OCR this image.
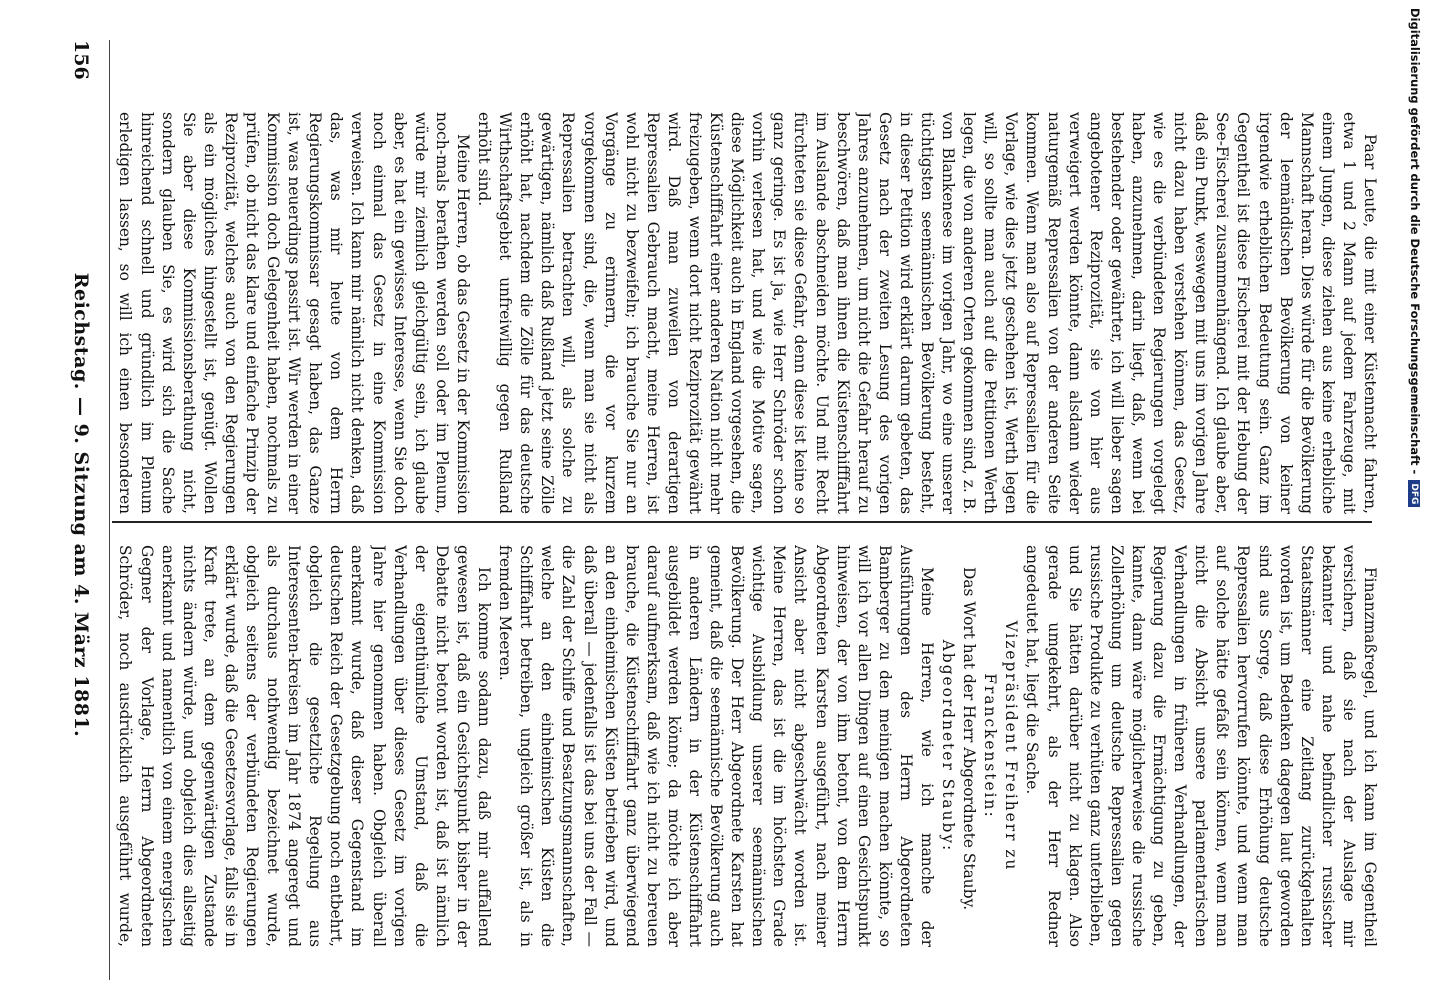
156
Reichstag. — 9. Sitzung am 4. März 1881.	Paar Leute, die mit einer Küstennacht fahren, etwa 1 und 2 Mann auf jedem Fahrzeuge, mit einem Jungen, diese ziehen aus keine erhebliche Mannschaft heran. Dies würde für die Bevölkerung der leemändischen Bevölkerung von keiner irgendwie erheblichen Bedeutung sein. Ganz im Gegentheil ist diese Fischerei mit der Hebung der See-Fischerei zusammenhängend. Ich glaube aber, daß ein Punkt, weswegen mit uns im vorigen Jahre nicht dazu haben verstehen können, das Gesetz, wie es die verbündeten Regierungen vorgelegt haben, anzunehmen, darin liegt, daß, wenn bei bestehender oder gewährter, ich will lieber sagen angebotener Reziprozität, sie von hier aus verweigert werden könnte, dann alsdann wieder naturgemäß Repressalien von der anderen Seite kommen. Wenn man also auf Repressalien für die Vorlage, wie dies jetzt geschehen ist, Werth legen will, so sollte man auch auf die Petitionen Werth legen, die von anderen Orten gekommen sind, z. B. von Blankenese im vorigen Jahr, wo eine unserer tüchtigsten seemännischen Bevölkerung besteht, in dieser Petition wird erklärt darum gebeten, das Gesetz nach der zweiten Lesung des vorigen Jahres anzunehmen, um nicht die Gefahr herauf zu beschwören, daß man ihnen die Küstenschifffahrt im Auslande abschneiden möchte. Und mit Recht fürchteten sie diese Gefahr, denn diese ist keine so ganz geringe. Es ist ja, wie Herr Schröder schon vorhin verlesen hat, und wie die Motive sagen, diese Möglichkeit auch in England vorgesehen, die Küstenschifffahrt einer anderen Nation nicht mehr freizugeben, wenn dort nicht Reziprozität gewährt wird. Daß man zuweilen von derartigen Repressalien Gebrauch macht, meine Herren, ist wohl nicht zu bezweifeln; ich brauche Sie nur an Vorgänge zu erinnern, die vor kurzem vorgekommen sind, die, wenn man sie nicht als Repressalien betrachten will, als solche zu gewärtigen, nämlich daß Rußland jetzt seine Zölle erhöht hat, nachdem die Zölle für das deutsche Wirthschaftsgebiet unfreiwillig gegen Rußland erhöht sind.

Meine Herren, ob das Gesetz in der Kommission noch-mals berathen werden soll oder im Plenum, würde mir ziemlich gleichgültig sein, ich glaube aber, es hat ein gewisses Interesse, wenn Sie doch noch einmal das Gesetz in eine Kommission verweisen. Ich kann mir nämlich nicht denken, daß das, was mir heute von dem Herrn Regierungskommissar gesagt haben, das Ganze ist, was neuerdings passirt ist. Wir werden in einer Kommission doch Gelegenheit haben, nochmals zu prüfen, ob nicht das klare und einfache Prinzip der Reziprozität, welches auch von den Regierungen als ein mögliches hingestellt ist, genügt. Wollen Sie aber diese Kommissionsberathung nicht, sondern glauben Sie, es wird sich die Sache hinreichend schnell und gründlich im Plenum erledigen lassen, so will ich einen besonderen

Finanzmaßregel, und ich kann im Gegentheil versichern, daß sie nach der Auslage mir bekannter und nahe befindlicher russischer Staatsmänner eine Zeitlang zurückgehalten worden ist, um Bedenken dagegen laut geworden sind aus Sorge, daß diese Erhöhung deutsche Repressalien hervorrufen könnte, und wenn man auf solche hätte gefaßt sein können, wenn man nicht die Absicht unsere parlamentarischen Verhandlungen in früheren Verhandlungen, der Regierung dazu die Ermächtigung zu geben, kannte, dann wäre möglicherweise die russische Zollerhöhung um deutsche Repressalien gegen russische Produkte zu verhüten ganz unterblieben, und Sie hätten darüber nicht zu klagen. Also gerade umgekehrt, als der Herr Redner angedeutet hat, liegt die Sache.

Vizepräsident Freiherr zu Franckenstein:

Das Wort hat der Herr Abgeordnete Stauby.

Abgeordneter Stauby:

Meine Herren, wie ich manche der Ausführungen des Herrn Abgeordneten Bamberger zu den meinigen machen könnte, so will ich vor allen Dingen auf einen Gesichtspunkt hinweisen, der von ihm betont, von dem Herrn Abgeordneten Karsten ausgeführt, nach meiner Ansicht aber nicht abgeschwächt worden ist. Meine Herren, das ist die im höchsten Grade wichtige Ausbildung unserer seemännischen Bevölkerung. Der Herr Abgeordnete Karsten hat gemeint, daß die seemännische Bevölkerung auch in anderen Ländern in der Küstenschifffahrt ausgebildet werden könne; da möchte ich aber darauf aufmerksam, daß wie ich nicht zu bereuen brauche, die Küstenschifffahrt ganz überwiegend an den einheimischen Küsten betrieben wird, und daß überall — jedenfalls ist das bei uns der Fall — die Zahl der Schiffe und Besatzungsmannschaften, welche an den einheimischen Küsten die Schifffahrt betreiben, ungleich größer ist, als in fremden Meeren.

Ich komme sodann dazu, daß mir auffallend gewesen ist, daß ein Gesichtspunkt bisher in der Debatte nicht betont worden ist, daß ist nämlich der eigenthümliche Umstand, daß die Verhandlungen über dieses Gesetz im vorigen Jahre hier genommen haben. Obgleich überall anerkannt wurde, daß dieser Gegenstand im deutschen Reich der Gesetzgebung noch entbehrt, obgleich die gesetzliche Regelung aus Interessenten-kreisen im Jahr 1874 angeregt und als durchaus nothwendig bezeichnet wurde, obgleich seitens der verbündeten Regierungen erklärt wurde, daß die Gesetzesvorlage, falls sie in Kraft trete, an dem gegenwärtigen Zustande nichts ändern würde, und obgleich dies allseitig anerkannt und namentlich von einem energischen Gegner der Vorlage, Herrn Abgeordneten Schröder, noch ausdrücklich ausgeführt wurde,

Digitalisierung gefördert durch die Deutsche Forschungsgemeinschaft -DFG
